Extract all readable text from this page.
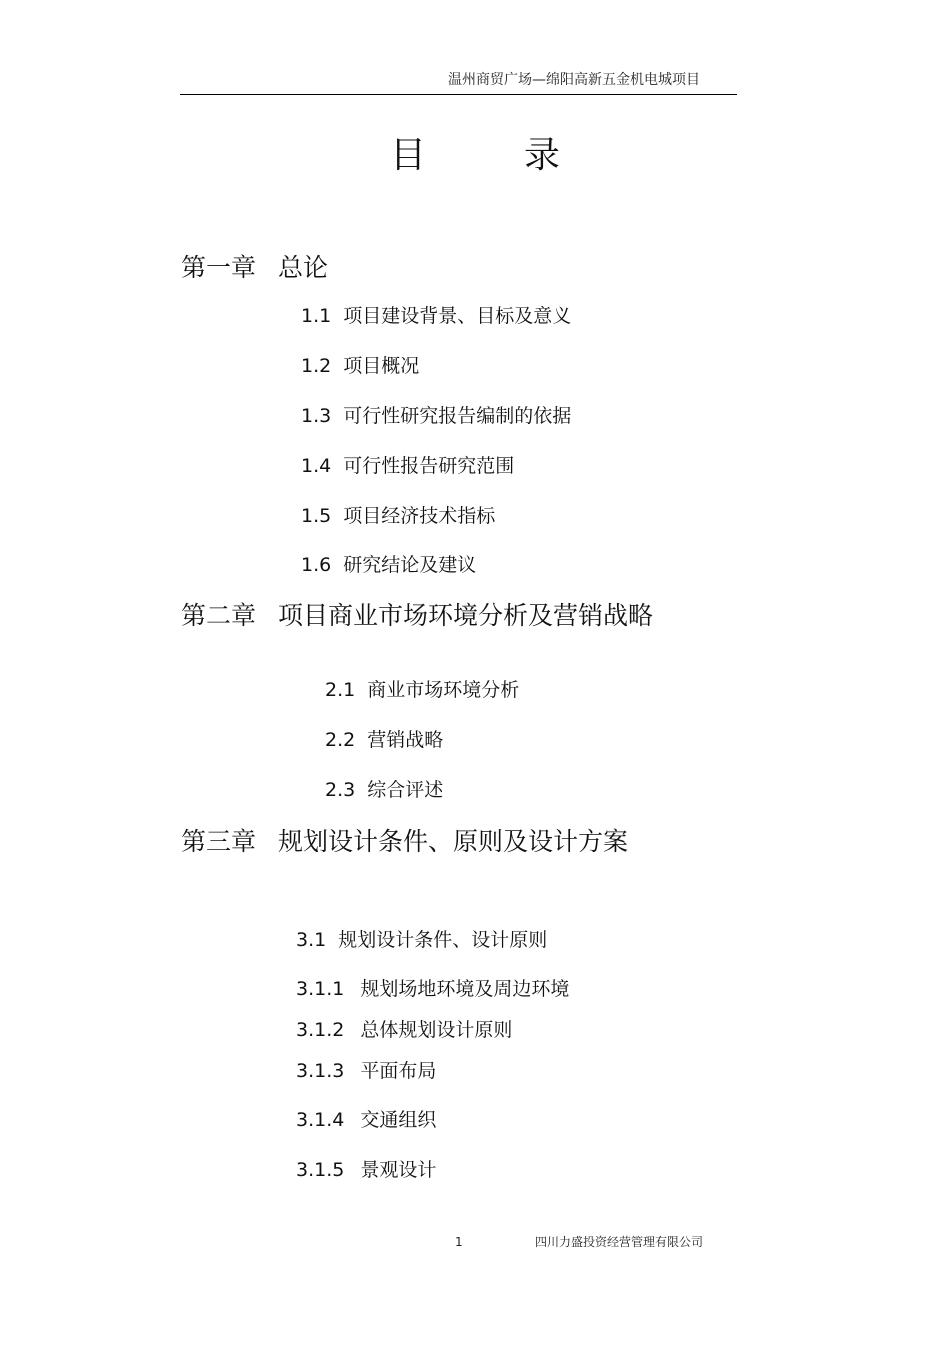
温州商贸广场—绵阳高新五金机电城项目
目	录
第一章 总论
1.1 项目建设背景、目标及意义
1.2 项目概况
1.3 可行性研究报告编制的依据
1.4 可行性报告研究范围
1.5 项目经济技术指标
1.6 研究结论及建议
第二章 项目商业市场环境分析及营销战略
2.1 商业市场环境分析
2.2 营销战略
2.3 综合评述
第三章 规划设计条件、原则及设计方案
3.1 规划设计条件、设计原则
3.1.1 规划场地环境及周边环境
3.1.2 总体规划设计原则
3.1.3 平面布局
3.1.4 交通组织
3.1.5 景观设计
1	四川力盛投资经营管理有限公司
